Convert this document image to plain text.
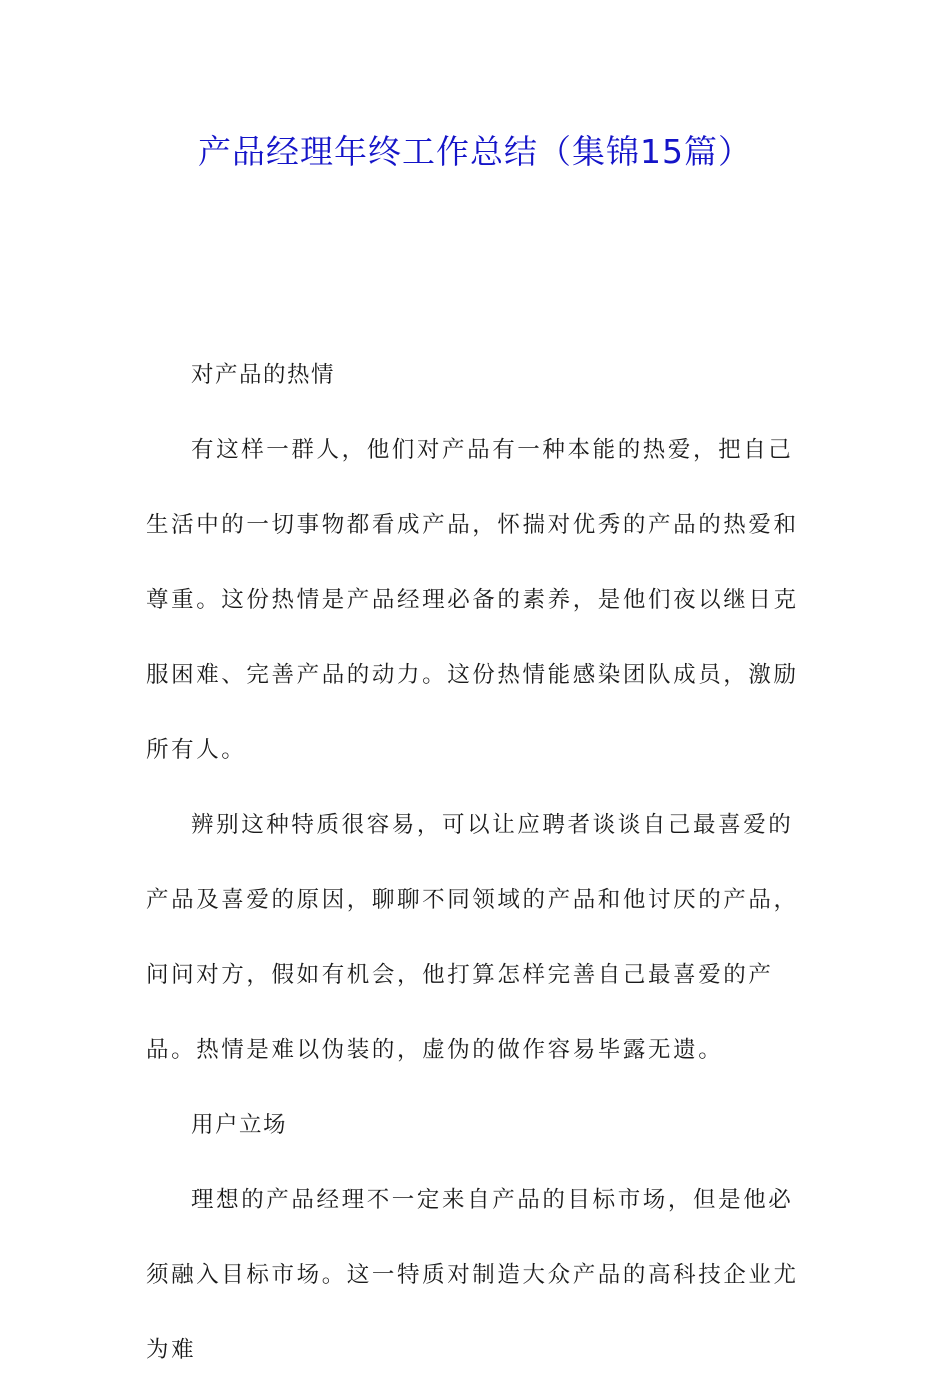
产品经理年终工作总结（集锦15篇）

对产品的热情

有这样一群人，他们对产品有一种本能的热爱，把自己生活中的一切事物都看成产品，怀揣对优秀的产品的热爱和尊重。这份热情是产品经理必备的素养，是他们夜以继日克服困难、完善产品的动力。这份热情能感染团队成员，激励所有人。

辨别这种特质很容易，可以让应聘者谈谈自己最喜爱的产品及喜爱的原因，聊聊不同领域的产品和他讨厌的产品，问问对方，假如有机会，他打算怎样完善自己最喜爱的产品。热情是难以伪装的，虚伪的做作容易毕露无遗。

用户立场

理想的产品经理不一定来自产品的目标市场，但是他必须融入目标市场。这一特质对制造大众产品的高科技企业尤为难
